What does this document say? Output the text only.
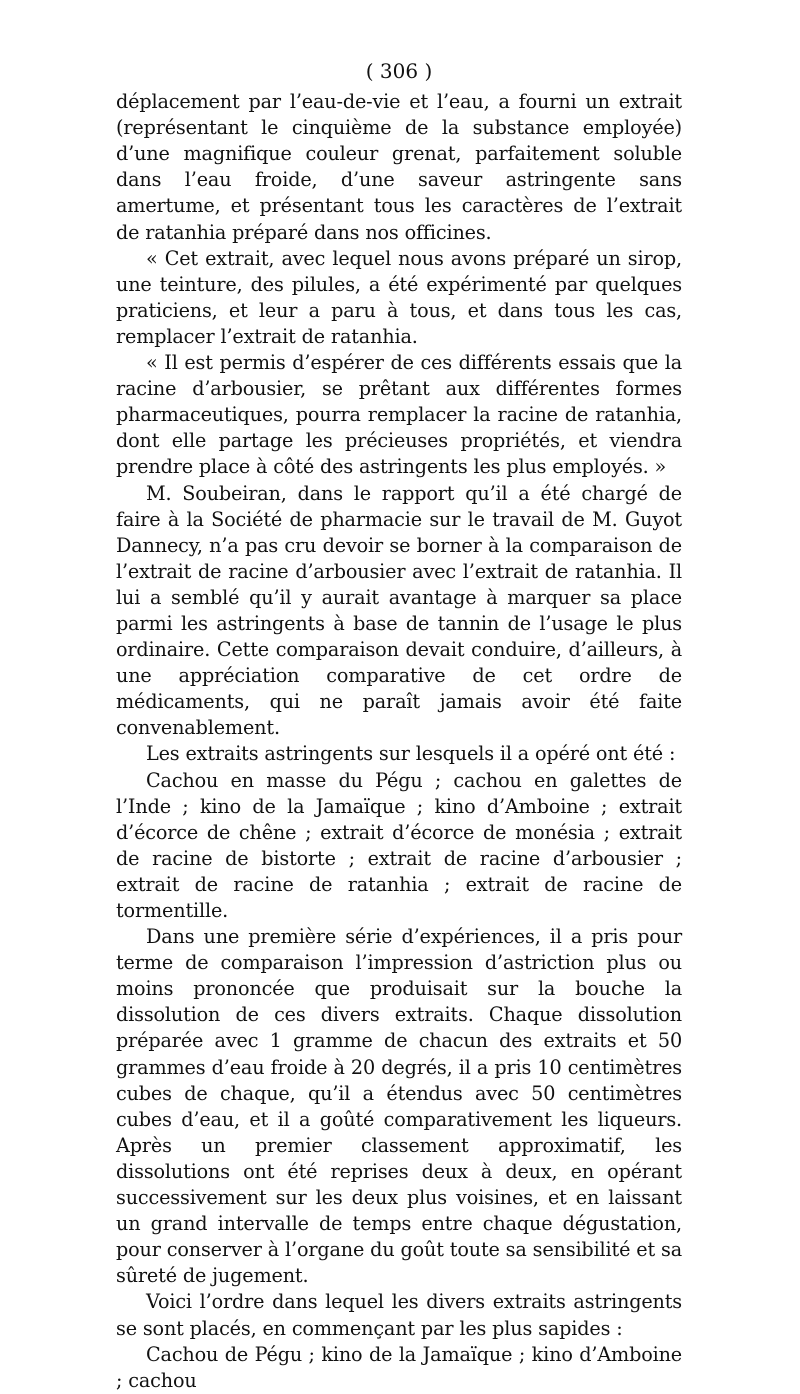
( 306 )

déplacement par l’eau-de-vie et l’eau, a fourni un extrait (représentant le cinquième de la substance employée) d’une magnifique couleur grenat, parfaitement soluble dans l’eau froide, d’une saveur astringente sans amertume, et présentant tous les caractères de l’extrait de ratanhia préparé dans nos officines.

« Cet extrait, avec lequel nous avons préparé un sirop, une teinture, des pilules, a été expérimenté par quelques praticiens, et leur a paru à tous, et dans tous les cas, remplacer l’extrait de ratanhia.

« Il est permis d’espérer de ces différents essais que la racine d’arbousier, se prêtant aux différentes formes pharmaceutiques, pourra remplacer la racine de ratanhia, dont elle partage les précieuses propriétés, et viendra prendre place à côté des astringents les plus employés. »

M. Soubeiran, dans le rapport qu’il a été chargé de faire à la Société de pharmacie sur le travail de M. Guyot Dannecy, n’a pas cru devoir se borner à la comparaison de l’extrait de racine d’arbousier avec l’extrait de ratanhia. Il lui a semblé qu’il y aurait avantage à marquer sa place parmi les astringents à base de tannin de l’usage le plus ordinaire. Cette comparaison devait conduire, d’ailleurs, à une appréciation comparative de cet ordre de médicaments, qui ne paraît jamais avoir été faite convenablement.

Les extraits astringents sur lesquels il a opéré ont été :

Cachou en masse du Pégu ; cachou en galettes de l’Inde ; kino de la Jamaïque ; kino d’Amboine ; extrait d’écorce de chêne ; extrait d’écorce de monésia ; extrait de racine de bistorte ; extrait de racine d’arbousier ; extrait de racine de ratanhia ; extrait de racine de tormentille.

Dans une première série d’expériences, il a pris pour terme de comparaison l’impression d’astriction plus ou moins prononcée que produisait sur la bouche la dissolution de ces divers extraits. Chaque dissolution préparée avec 1 gramme de chacun des extraits et 50 grammes d’eau froide à 20 degrés, il a pris 10 centimètres cubes de chaque, qu’il a étendus avec 50 centimètres cubes d’eau, et il a goûté comparativement les liqueurs. Après un premier classement approximatif, les dissolutions ont été reprises deux à deux, en opérant successivement sur les deux plus voisines, et en laissant un grand intervalle de temps entre chaque dégustation, pour conserver à l’organe du goût toute sa sensibilité et sa sûreté de jugement.

Voici l’ordre dans lequel les divers extraits astringents se sont placés, en commençant par les plus sapides :

Cachou de Pégu ; kino de la Jamaïque ; kino d’Amboine ; cachou
